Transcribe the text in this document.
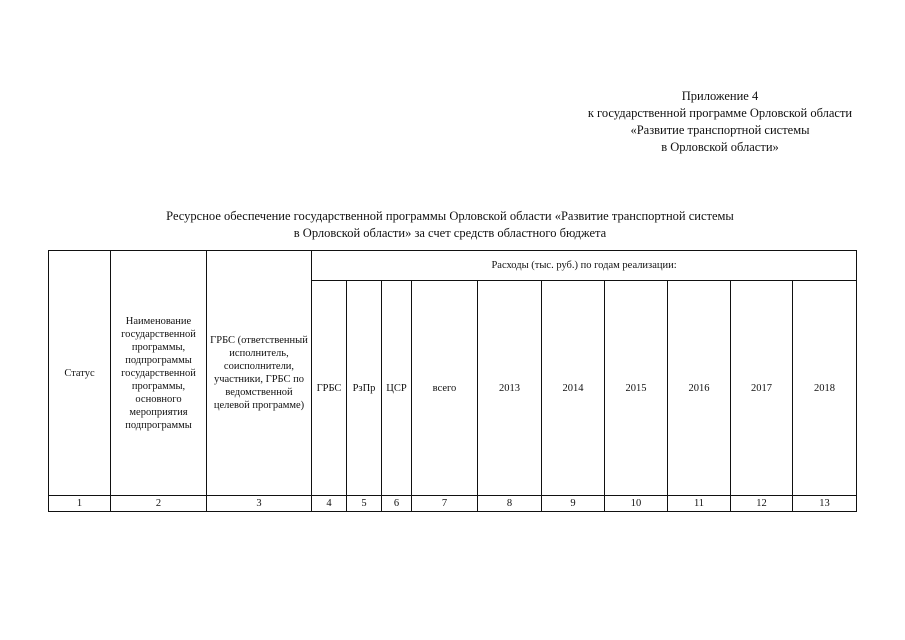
Приложение 4
к государственной программе Орловской области
«Развитие транспортной системы
в Орловской области»
Ресурсное обеспечение государственной программы Орловской области «Развитие транспортной системы
в Орловской области» за счет средств областного бюджета
Статус	Наименование государственной программы, подпрограммы государственной программы, основного мероприятия подпрограммы	ГРБС (ответственный исполнитель, соисполнители, участники, ГРБС по ведомственной целевой программе)	Расходы (тыс. руб.) по годам реализации:									
			ГРБС	РзПр	ЦСР	всего	2013	2014	2015	2016	2017	2018
1	2	3	4	5	6	7	8	9	10	11	12	13
